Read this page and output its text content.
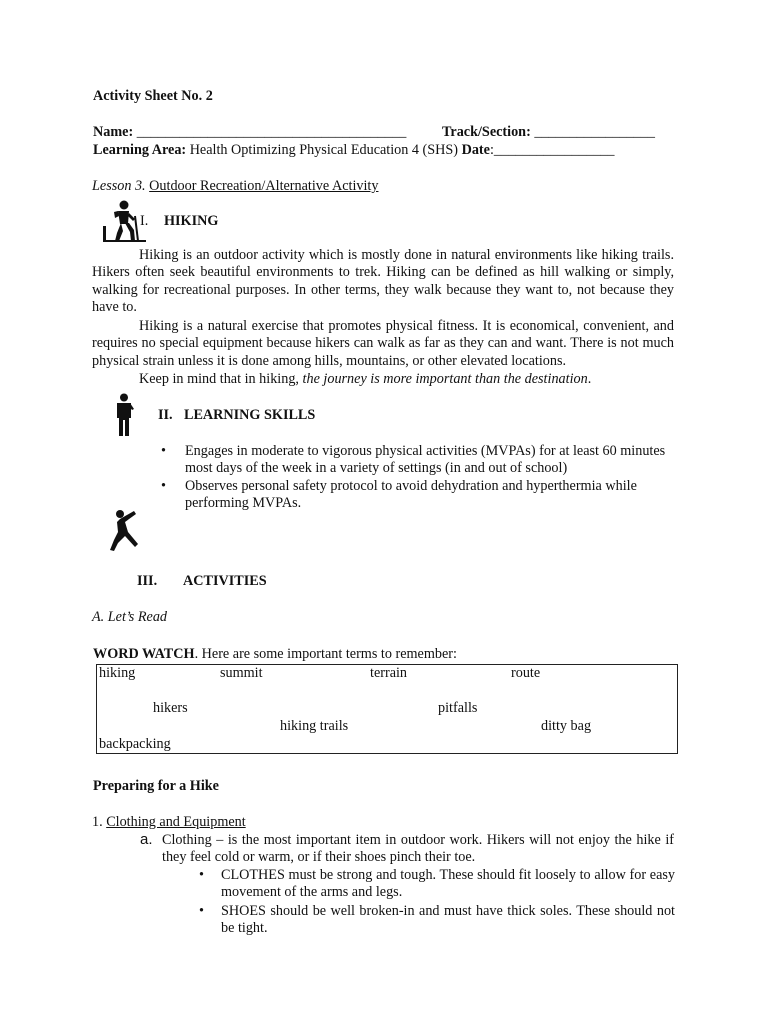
Activity Sheet No. 2
Name: ______________________________________	Track/Section: _________________
Learning Area: Health Optimizing Physical Education 4 (SHS) Date:_________________
Lesson 3. Outdoor Recreation/Alternative Activity
I. HIKING
Hiking is an outdoor activity which is mostly done in natural environments like hiking trails. Hikers often seek beautiful environments to trek. Hiking can be defined as hill walking or simply, walking for recreational purposes. In other terms, they walk because they want to, not because they have to.
Hiking is a natural exercise that promotes physical fitness. It is economical, convenient, and requires no special equipment because hikers can walk as far as they can and want. There is not much physical strain unless it is done among hills, mountains, or other elevated locations.
Keep in mind that in hiking, the journey is more important than the destination.
II. LEARNING SKILLS
• Engages in moderate to vigorous physical activities (MVPAs) for at least 60 minutes most days of the week in a variety of settings (in and out of school)
• Observes personal safety protocol to avoid dehydration and hyperthermia while performing MVPAs.
III. ACTIVITIES
A. Let’s Read
WORD WATCH. Here are some important terms to remember:
hiking	summit	terrain	route
hikers	pitfalls
hiking trails	ditty bag
backpacking
Preparing for a Hike
1. Clothing and Equipment
a. Clothing – is the most important item in outdoor work. Hikers will not enjoy the hike if they feel cold or warm, or if their shoes pinch their toe.
• CLOTHES must be strong and tough. These should fit loosely to allow for easy movement of the arms and legs.
• SHOES should be well broken-in and must have thick soles. These should not be tight.
